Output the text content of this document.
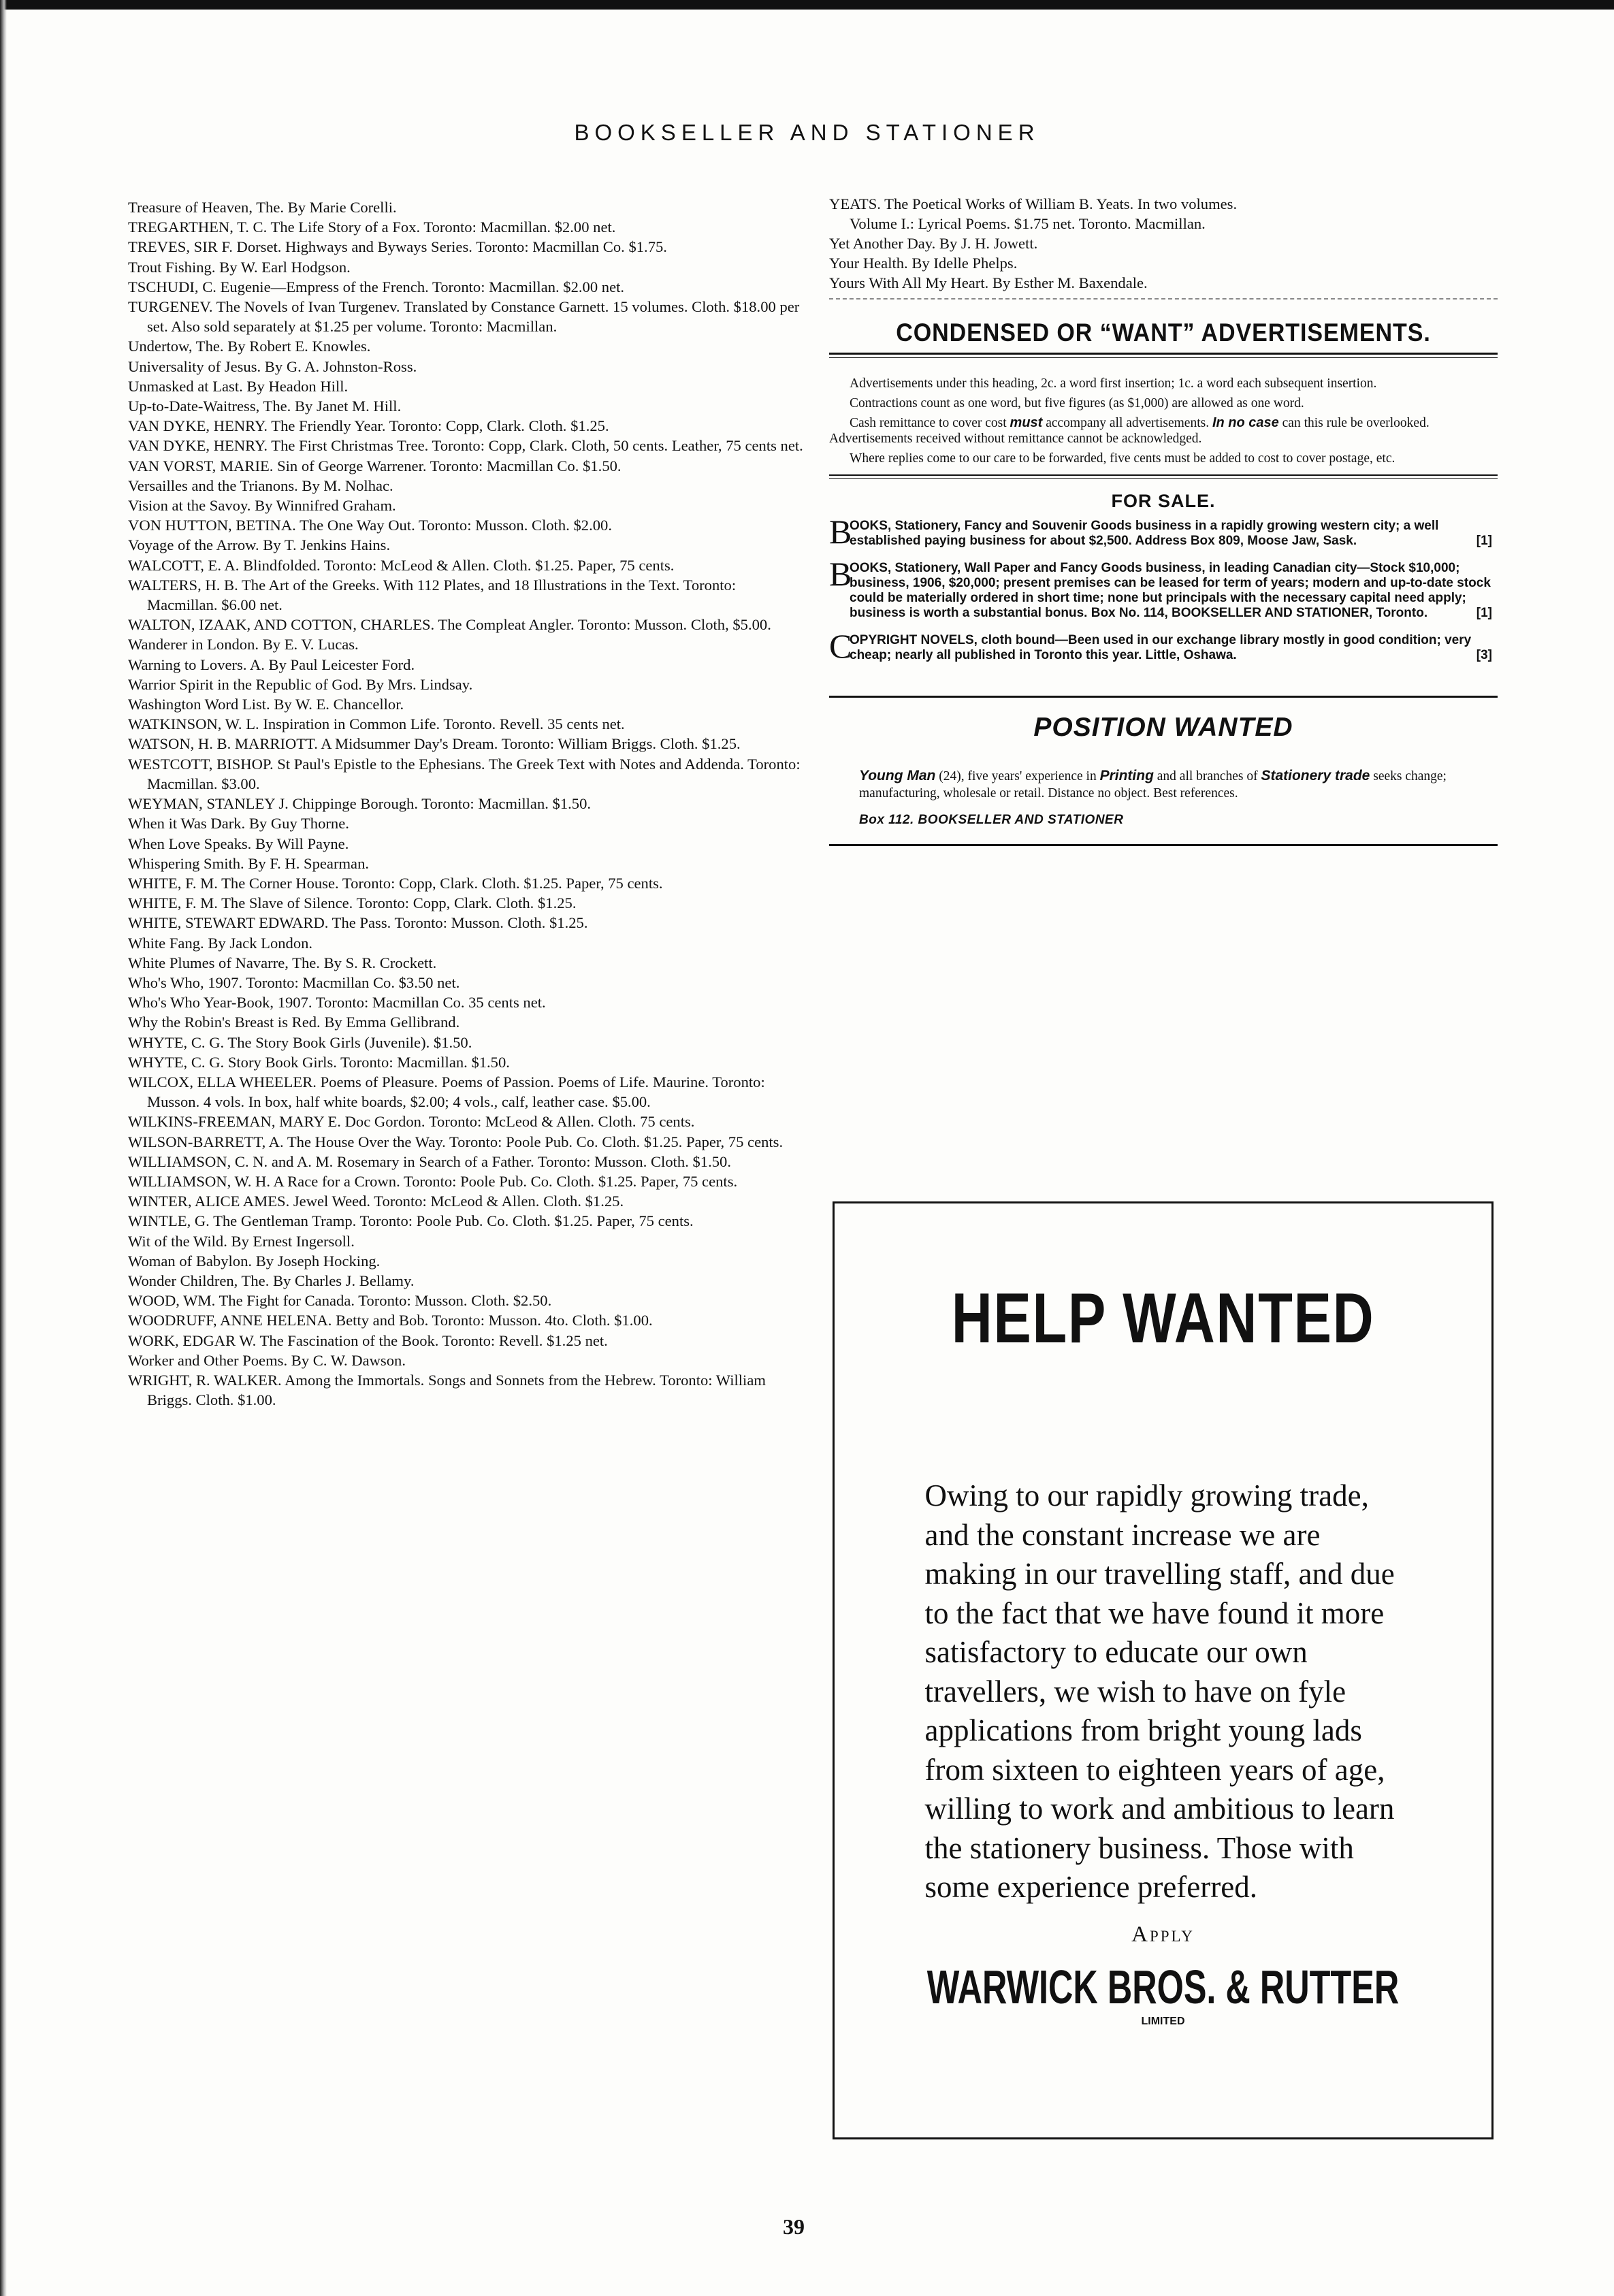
BOOKSELLER AND STATIONER
Treasure of Heaven, The. By Marie Corelli.
TREGARTHEN, T. C. The Life Story of a Fox. Toronto: Macmillan. $2.00 net.
TREVES, SIR F. Dorset. Highways and Byways Series. Toronto: Macmillan Co. $1.75.
Trout Fishing. By W. Earl Hodgson.
TSCHUDI, C. Eugenie—Empress of the French. Toronto: Macmillan. $2.00 net.
TURGENEV. The Novels of Ivan Turgenev. Translated by Constance Garnett. 15 volumes. Cloth. $18.00 per set. Also sold separately at $1.25 per volume. Toronto: Macmillan.
Undertow, The. By Robert E. Knowles.
Universality of Jesus. By G. A. Johnston-Ross.
Unmasked at Last. By Headon Hill.
Up-to-Date-Waitress, The. By Janet M. Hill.
VAN DYKE, HENRY. The Friendly Year. Toronto: Copp, Clark. Cloth. $1.25.
VAN DYKE, HENRY. The First Christmas Tree. Toronto: Copp, Clark. Cloth, 50 cents. Leather, 75 cents net.
VAN VORST, MARIE. Sin of George Warrener. Toronto: Macmillan Co. $1.50.
Versailles and the Trianons. By M. Nolhac.
Vision at the Savoy. By Winnifred Graham.
VON HUTTON, BETINA. The One Way Out. Toronto: Musson. Cloth. $2.00.
Voyage of the Arrow. By T. Jenkins Hains.
WALCOTT, E. A. Blindfolded. Toronto: McLeod & Allen. Cloth. $1.25. Paper, 75 cents.
WALTERS, H. B. The Art of the Greeks. With 112 Plates, and 18 Illustrations in the Text. Toronto: Macmillan. $6.00 net.
WALTON, IZAAK, AND COTTON, CHARLES. The Compleat Angler. Toronto: Musson. Cloth, $5.00.
Wanderer in London. By E. V. Lucas.
Warning to Lovers. A. By Paul Leicester Ford.
Warrior Spirit in the Republic of God. By Mrs. Lindsay.
Washington Word List. By W. E. Chancellor.
WATKINSON, W. L. Inspiration in Common Life. Toronto. Revell. 35 cents net.
WATSON, H. B. MARRIOTT. A Midsummer Day's Dream. Toronto: William Briggs. Cloth. $1.25.
WESTCOTT, BISHOP. St Paul's Epistle to the Ephesians. The Greek Text with Notes and Addenda. Toronto: Macmillan. $3.00.
WEYMAN, STANLEY J. Chippinge Borough. Toronto: Macmillan. $1.50.
When it Was Dark. By Guy Thorne.
When Love Speaks. By Will Payne.
Whispering Smith. By F. H. Spearman.
WHITE, F. M. The Corner House. Toronto: Copp, Clark. Cloth. $1.25. Paper, 75 cents.
WHITE, F. M. The Slave of Silence. Toronto: Copp, Clark. Cloth. $1.25.
WHITE, STEWART EDWARD. The Pass. Toronto: Musson. Cloth. $1.25.
White Fang. By Jack London.
White Plumes of Navarre, The. By S. R. Crockett.
Who's Who, 1907. Toronto: Macmillan Co. $3.50 net.
Who's Who Year-Book, 1907. Toronto: Macmillan Co. 35 cents net.
Why the Robin's Breast is Red. By Emma Gellibrand.
WHYTE, C. G. The Story Book Girls (Juvenile). $1.50.
WHYTE, C. G. Story Book Girls. Toronto: Macmillan. $1.50.
WILCOX, ELLA WHEELER. Poems of Pleasure. Poems of Passion. Poems of Life. Maurine. Toronto: Musson. 4 vols. In box, half white boards, $2.00; 4 vols., calf, leather case. $5.00.
WILKINS-FREEMAN, MARY E. Doc Gordon. Toronto: McLeod & Allen. Cloth. 75 cents.
WILSON-BARRETT, A. The House Over the Way. Toronto: Poole Pub. Co. Cloth. $1.25. Paper, 75 cents.
WILLIAMSON, C. N. and A. M. Rosemary in Search of a Father. Toronto: Musson. Cloth. $1.50.
WILLIAMSON, W. H. A Race for a Crown. Toronto: Poole Pub. Co. Cloth. $1.25. Paper, 75 cents.
WINTER, ALICE AMES. Jewel Weed. Toronto: McLeod & Allen. Cloth. $1.25.
WINTLE, G. The Gentleman Tramp. Toronto: Poole Pub. Co. Cloth. $1.25. Paper, 75 cents.
Wit of the Wild. By Ernest Ingersoll.
Woman of Babylon. By Joseph Hocking.
Wonder Children, The. By Charles J. Bellamy.
WOOD, WM. The Fight for Canada. Toronto: Musson. Cloth. $2.50.
WOODRUFF, ANNE HELENA. Betty and Bob. Toronto: Musson. 4to. Cloth. $1.00.
WORK, EDGAR W. The Fascination of the Book. Toronto: Revell. $1.25 net.
Worker and Other Poems. By C. W. Dawson.
WRIGHT, R. WALKER. Among the Immortals. Songs and Sonnets from the Hebrew. Toronto: William Briggs. Cloth. $1.00.
YEATS. The Poetical Works of William B. Yeats. In two volumes.
Volume I.: Lyrical Poems. $1.75 net. Toronto. Macmillan.
Yet Another Day. By J. H. Jowett.
Your Health. By Idelle Phelps.
Yours With All My Heart. By Esther M. Baxendale.
CONDENSED OR “WANT” ADVERTISEMENTS.

Advertisements under this heading, 2c. a word first insertion; 1c. a word each subsequent insertion.

Contractions count as one word, but five figures (as $1,000) are allowed as one word.

Cash remittance to cover cost must accompany all advertisements. In no case can this rule be overlooked. Advertisements received without remittance cannot be acknowledged.

Where replies come to our care to be forwarded, five cents must be added to cost to cover postage, etc.

FOR SALE.
B
OOKS, Stationery, Fancy and Souvenir Goods business in a rapidly growing western city; a well established paying business for about $2,500. Address Box 809, Moose Jaw, Sask.	[1]
B
OOKS, Stationery, Wall Paper and Fancy Goods business, in leading Canadian city—Stock $10,000; business, 1906, $20,000; present premises can be leased for term of years; modern and up-to-date stock could be materially ordered in short time; none but principals with the necessary capital need apply; business is worth a substantial bonus. Box No. 114, BOOKSELLER AND STATIONER, Toronto.	[1]
C
OPYRIGHT NOVELS, cloth bound—Been used in our exchange library mostly in good condition; very cheap; nearly all published in Toronto this year. Little, Oshawa.	[3]
POSITION WANTED
Young Man (24), five years' experience in Printing and all branches of Stationery trade seeks change; manufacturing, wholesale or retail. Distance no object. Best references.
Box 112. BOOKSELLER AND STATIONER
HELP WANTED
Owing to our rapidly growing trade, and the constant increase we are making in our travelling staff, and due to the fact that we have found it more satisfactory to educate our own travellers, we wish to have on fyle applications from bright young lads from sixteen to eighteen years of age, willing to work and ambitious to learn the stationery business. Those with some experience preferred.
Apply
WARWICK BROS. & RUTTER
LIMITED
39
